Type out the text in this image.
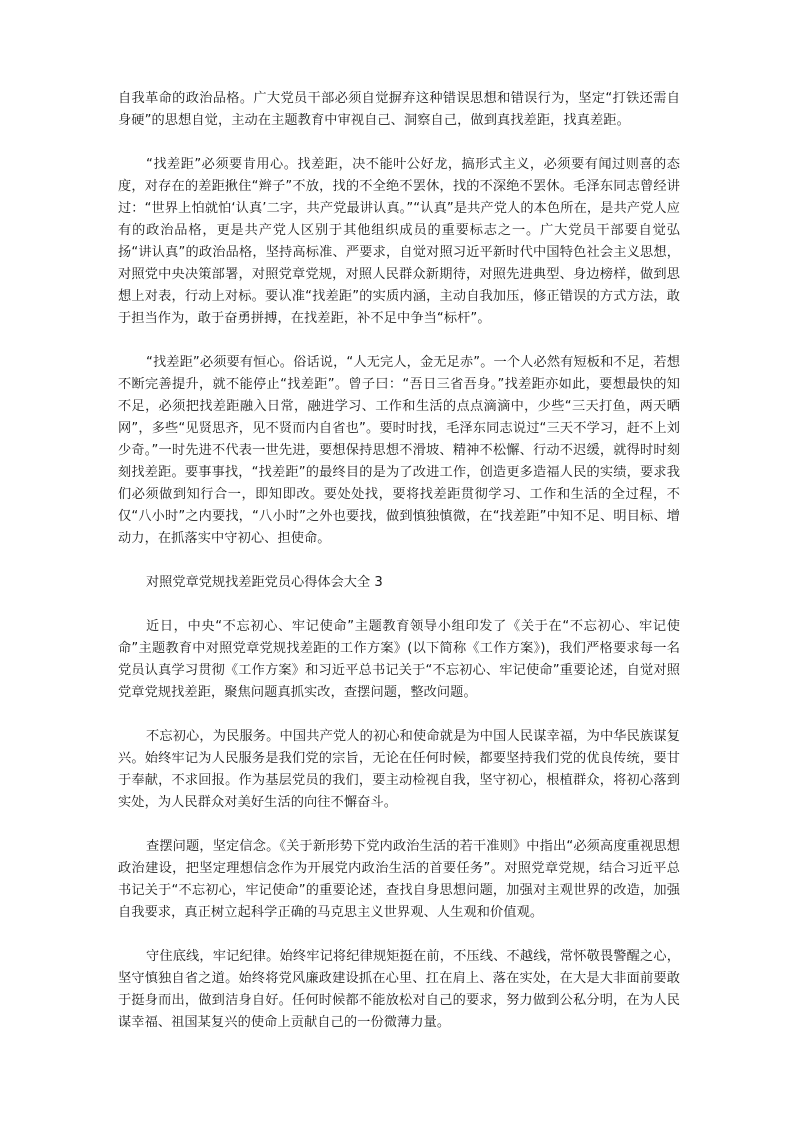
自我革命的政治品格。广大党员干部必须自觉摒弃这种错误思想和错误行为，坚定“打铁还需自身硬”的思想自觉，主动在主题教育中审视自己、洞察自己，做到真找差距，找真差距。

“找差距”必须要肯用心。找差距，决不能叶公好龙，搞形式主义，必须要有闻过则喜的态度，对存在的差距揪住“辫子”不放，找的不全绝不罢休，找的不深绝不罢休。毛泽东同志曾经讲过：“世界上怕就怕‘认真’二字，共产党最讲认真。”“认真”是共产党人的本色所在，是共产党人应有的政治品格，更是共产党人区别于其他组织成员的重要标志之一。广大党员干部要自觉弘扬“讲认真”的政治品格，坚持高标准、严要求，自觉对照习近平新时代中国特色社会主义思想，对照党中央决策部署，对照党章党规，对照人民群众新期待，对照先进典型、身边榜样，做到思想上对表，行动上对标。要认准“找差距”的实质内涵，主动自我加压，修正错误的方式方法，敢于担当作为，敢于奋勇拼搏，在找差距，补不足中争当“标杆”。

“找差距”必须要有恒心。俗话说，“人无完人，金无足赤”。一个人必然有短板和不足，若想不断完善提升，就不能停止“找差距”。曾子曰：“吾日三省吾身。”找差距亦如此，要想最快的知不足，必须把找差距融入日常，融进学习、工作和生活的点点滴滴中，少些“三天打鱼，两天晒网”，多些“见贤思齐，见不贤而内自省也”。要时时找，毛泽东同志说过“三天不学习，赶不上刘少奇。”一时先进不代表一世先进，要想保持思想不滑坡、精神不松懈、行动不迟缓，就得时时刻刻找差距。要事事找，“找差距”的最终目的是为了改进工作，创造更多造福人民的实绩，要求我们必须做到知行合一，即知即改。要处处找，要将找差距贯彻学习、工作和生活的全过程，不仅“八小时”之内要找，“八小时”之外也要找，做到慎独慎微，在“找差距”中知不足、明目标、增动力，在抓落实中守初心、担使命。

对照党章党规找差距党员心得体会大全 3

近日，中央“不忘初心、牢记使命”主题教育领导小组印发了《关于在“不忘初心、牢记使命”主题教育中对照党章党规找差距的工作方案》(以下简称《工作方案》)，我们严格要求每一名党员认真学习贯彻《工作方案》和习近平总书记关于“不忘初心、牢记使命”重要论述，自觉对照党章党规找差距，聚焦问题真抓实改，查摆问题，整改问题。

不忘初心，为民服务。中国共产党人的初心和使命就是为中国人民谋幸福，为中华民族谋复兴。始终牢记为人民服务是我们党的宗旨，无论在任何时候，都要坚持我们党的优良传统，要甘于奉献，不求回报。作为基层党员的我们，要主动检视自我，坚守初心，根植群众，将初心落到实处，为人民群众对美好生活的向往不懈奋斗。

查摆问题，坚定信念。《关于新形势下党内政治生活的若干准则》中指出“必须高度重视思想政治建设，把坚定理想信念作为开展党内政治生活的首要任务”。对照党章党规，结合习近平总书记关于“不忘初心，牢记使命”的重要论述，查找自身思想问题，加强对主观世界的改造，加强自我要求，真正树立起科学正确的马克思主义世界观、人生观和价值观。

守住底线，牢记纪律。始终牢记将纪律规矩挺在前，不压线、不越线，常怀敬畏警醒之心，坚守慎独自省之道。始终将党风廉政建设抓在心里、扛在肩上、落在实处，在大是大非面前要敢于挺身而出，做到洁身自好。任何时候都不能放松对自己的要求，努力做到公私分明，在为人民谋幸福、祖国某复兴的使命上贡献自己的一份微薄力量。
